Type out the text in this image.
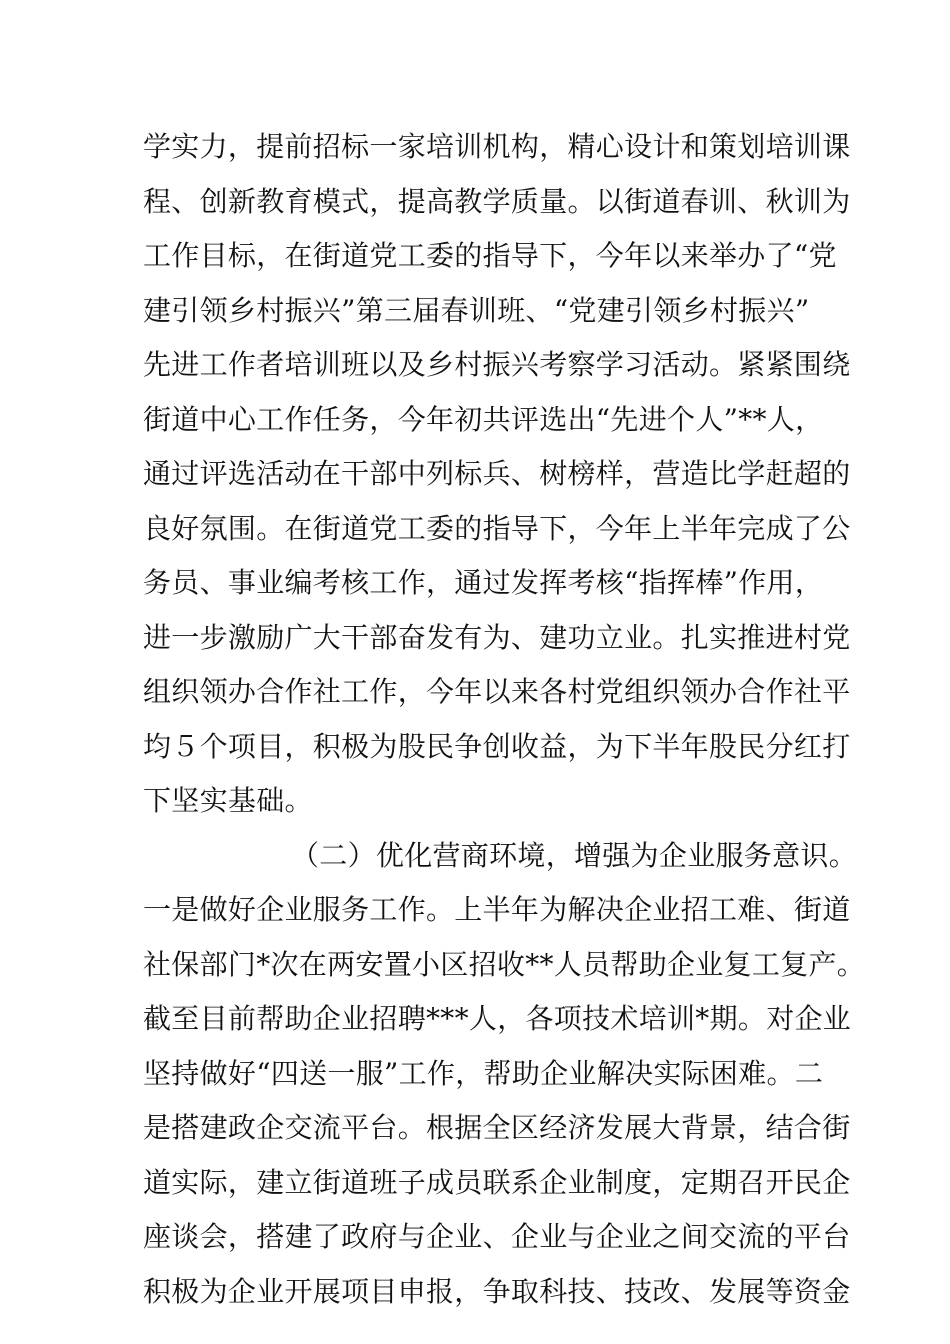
学实力，提前招标一家培训机构，精心设计和策划培训课
程、创新教育模式，提高教学质量。以街道春训、秋训为
工作目标，在街道党工委的指导下，今年以来举办了“党
建引领乡村振兴”第三届春训班、“党建引领乡村振兴”
先进工作者培训班以及乡村振兴考察学习活动。紧紧围绕
街道中心工作任务，今年初共评选出“先进个人”**人，
通过评选活动在干部中列标兵、树榜样，营造比学赶超的
良好氛围。在街道党工委的指导下，今年上半年完成了公
务员、事业编考核工作，通过发挥考核“指挥棒”作用，
进一步激励广大干部奋发有为、建功立业。扎实推进村党
组织领办合作社工作，今年以来各村党组织领办合作社平
均５个项目，积极为股民争创收益，为下半年股民分红打
下坚实基础。
（二）优化营商环境，增强为企业服务意识。
一是做好企业服务工作。上半年为解决企业招工难、街道
社保部门*次在两安置小区招收**人员帮助企业复工复产。
截至目前帮助企业招聘***人，各项技术培训*期。对企业
坚持做好“四送一服”工作，帮助企业解决实际困难。二
是搭建政企交流平台。根据全区经济发展大背景，结合街
道实际，建立街道班子成员联系企业制度，定期召开民企
座谈会，搭建了政府与企业、企业与企业之间交流的平台
积极为企业开展项目申报，争取科技、技改、发展等资金
